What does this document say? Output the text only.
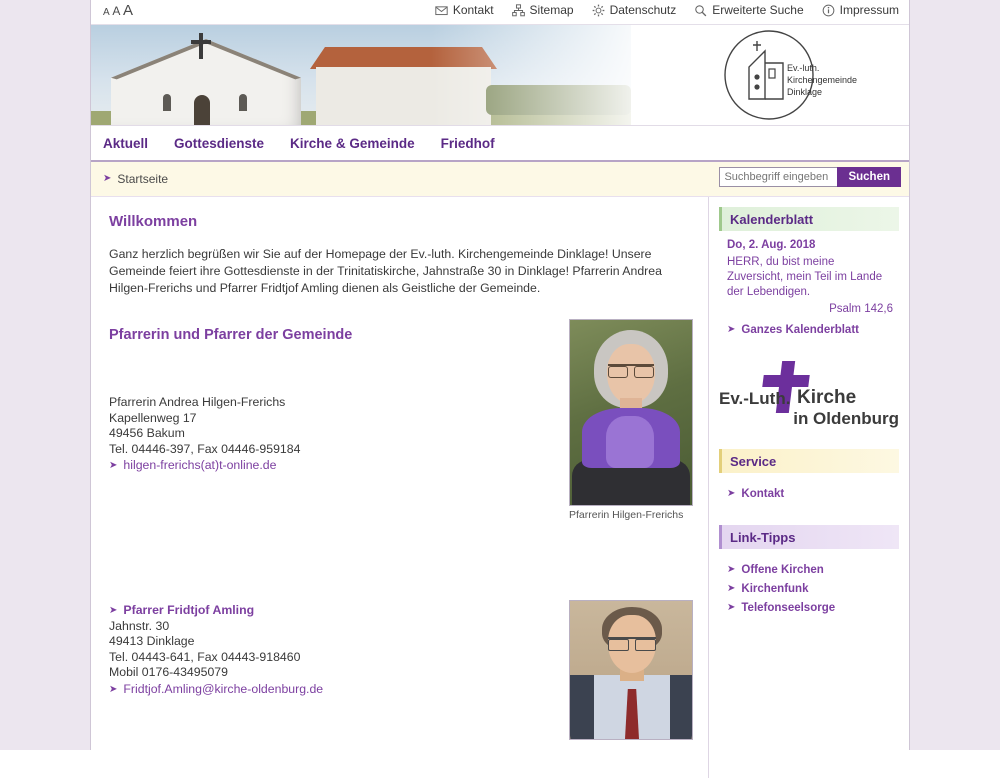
A A A	Kontakt	Sitemap	Datenschutz	Erweiterte Suche	Impressum
Ev.-luth.
Kirchengemeinde
Dinklage
Aktuell Gottesdienste Kirche & Gemeinde Friedhof
➤ Startseite
Suchbegriff eingeben	Suchen
Willkommen

Ganz herzlich begrüßen wir Sie auf der Homepage der Ev.-luth. Kirchengemeinde Dinklage! Unsere Gemeinde feiert ihre Gottesdienste in der Trinitatiskirche, Jahnstraße 30 in Dinklage! Pfarrerin Andrea Hilgen-Frerichs und Pfarrer Fridtjof Amling dienen als Geistliche der Gemeinde.

Pfarrerin und Pfarrer der Gemeinde
Pfarrerin Andrea Hilgen-Frerichs
Kapellenweg 17
49456 Bakum
Tel. 04446-397, Fax 04446-959184
➤ hilgen-frerichs(at)t-online.de
➤ Pfarrer Fridtjof Amling
Jahnstr. 30
49413 Dinklage
Tel. 04443-641, Fax 04443-918460
Mobil 0176-43495079
➤ Fridtjof.Amling@kirche-oldenburg.de
Pfarrerin Hilgen-Frerichs
Kalenderblatt
Do, 2. Aug. 2018
HERR, du bist meine Zuversicht, mein Teil im Lande der Lebendigen.
Psalm 142,6
➤ Ganzes Kalenderblatt
Ev.-Luth. Kirche
in Oldenburg
Service
➤ Kontakt
Link-Tipps
➤ Offene Kirchen
➤ Kirchenfunk
➤ Telefonseelsorge
